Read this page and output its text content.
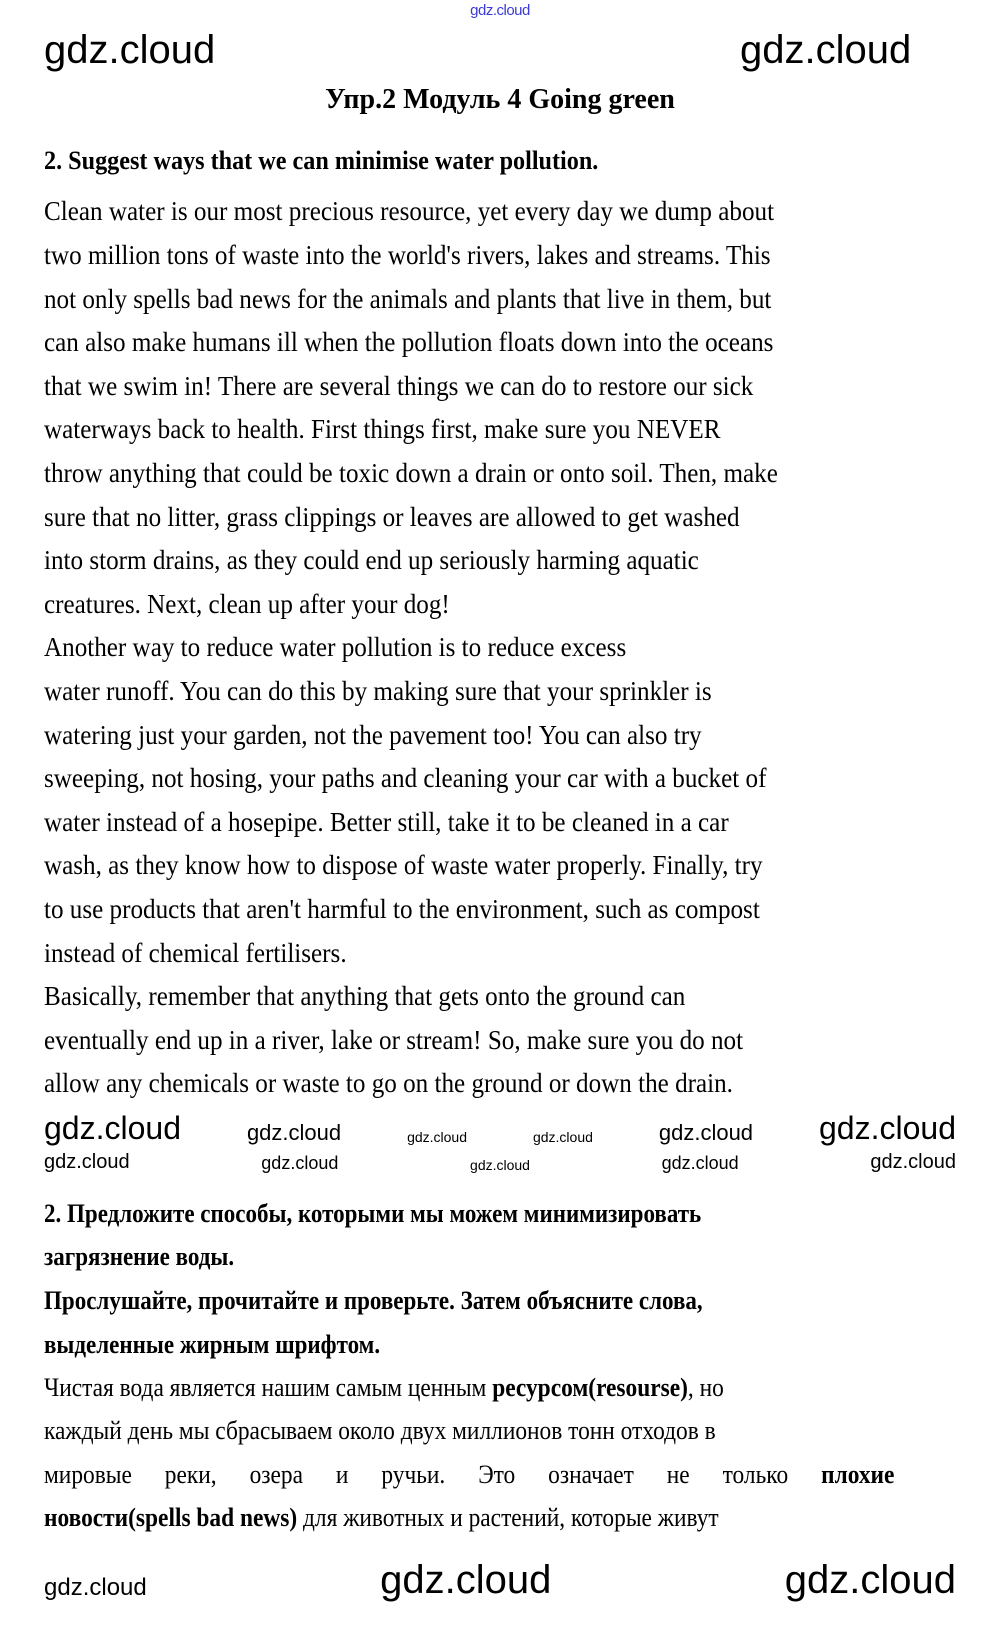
gdz.cloud
gdz.cloud	gdz.cloud
Упр.2 Модуль 4 Going green
2. Suggest ways that we can minimise water pollution.
Clean water is our most precious resource, yet every day we dump about
two million tons of waste into the world's rivers, lakes and streams. This
not only spells bad news for the animals and plants that live in them, but
can also make humans ill when the pollution floats down into the oceans
that we swim in! There are several things we can do to restore our sick
waterways back to health. First things first, make sure you NEVER
throw anything that could be toxic down a drain or onto soil. Then, make
sure that no litter, grass clippings or leaves are allowed to get washed
into storm drains, as they could end up seriously harming aquatic
creatures. Next, clean up after your dog!
Another way to reduce water pollution is to reduce excess
water runoff. You can do this by making sure that your sprinkler is
watering just your garden, not the pavement too! You can also try
sweeping, not hosing, your paths and cleaning your car with a bucket of
water instead of a hosepipe. Better still, take it to be cleaned in a car
wash, as they know how to dispose of waste water properly. Finally, try
to use products that aren't harmful to the environment, such as compost
instead of chemical fertilisers.
Basically, remember that anything that gets onto the ground can
eventually end up in a river, lake or stream! So, make sure you do not
allow any chemicals or waste to go on the ground or down the drain.
gdz.cloud	gdz.cloud	gdz.cloud	gdz.cloud	gdz.cloud gdz.cloud
gdz.cloud	gdz.cloud	gdz.cloud	gdz.cloud	gdz.cloud
2. Предложите способы, которыми мы можем минимизировать
загрязнение воды.
Прослушайте, прочитайте и проверьте. Затем объясните слова,
выделенные жирным шрифтом.
Чистая вода является нашим самым ценным ресурсом(resourse), но
каждый день мы сбрасываем около двух миллионов тонн отходов в
мировые реки, озера и ручьи. Это означает не только плохие
новости(spells bad news) для животных и растений, которые живут
gdz.cloud	gdz.cloud	gdz.cloud
